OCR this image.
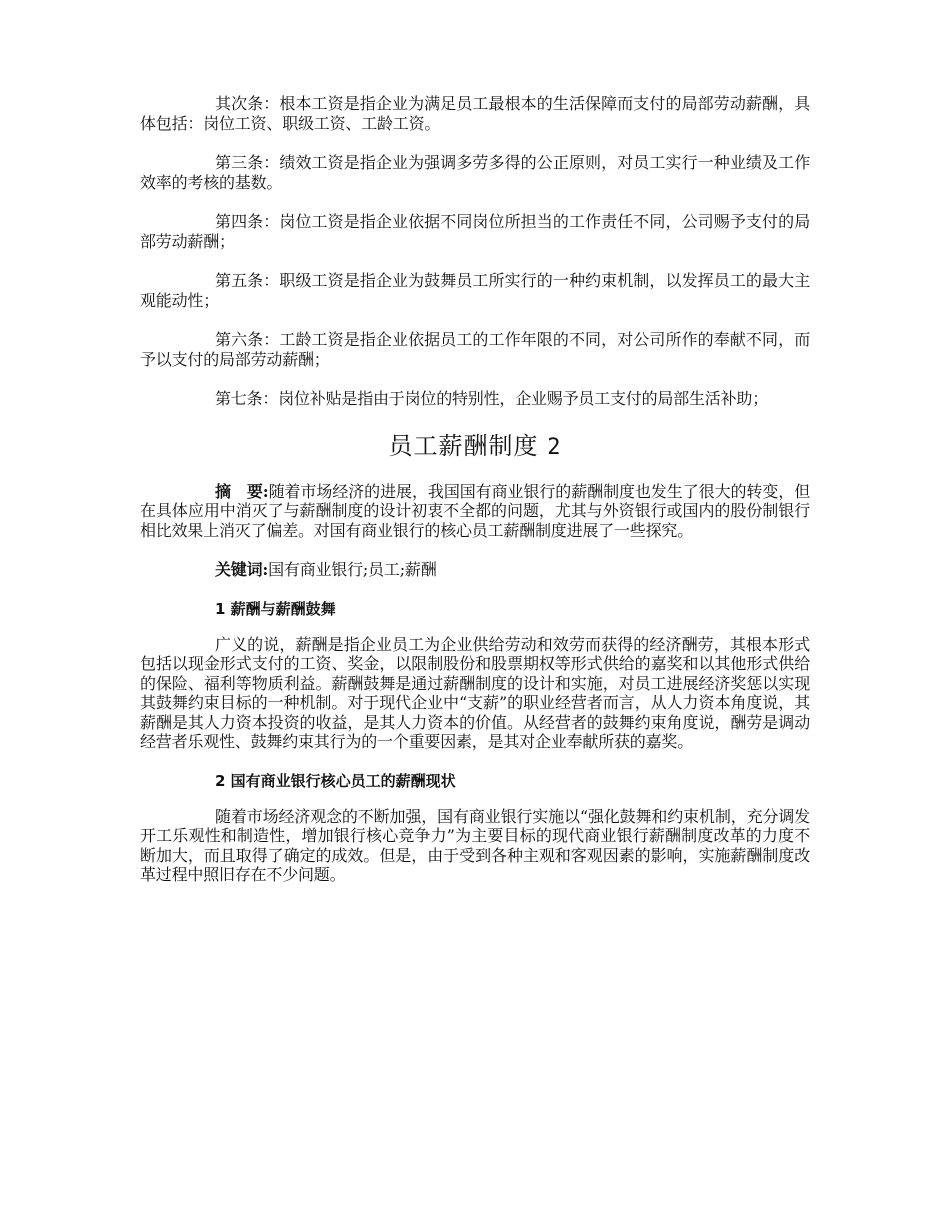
其次条：根本工资是指企业为满足员工最根本的生活保障而支付的局部劳动薪酬，具体包括：岗位工资、职级工资、工龄工资。

第三条：绩效工资是指企业为强调多劳多得的公正原则，对员工实行一种业绩及工作效率的考核的基数。

第四条：岗位工资是指企业依据不同岗位所担当的工作责任不同，公司赐予支付的局部劳动薪酬；

第五条：职级工资是指企业为鼓舞员工所实行的一种约束机制，以发挥员工的最大主观能动性；

第六条：工龄工资是指企业依据员工的工作年限的不同，对公司所作的奉献不同，而予以支付的局部劳动薪酬；

第七条：岗位补贴是指由于岗位的特别性，企业赐予员工支付的局部生活补助；

员工薪酬制度 2

摘　要:随着市场经济的进展，我国国有商业银行的薪酬制度也发生了很大的转变，但在具体应用中消灭了与薪酬制度的设计初衷不全都的问题，尤其与外资银行或国内的股份制银行相比效果上消灭了偏差。对国有商业银行的核心员工薪酬制度进展了一些探究。

关键词:国有商业银行;员工;薪酬

1 薪酬与薪酬鼓舞

广义的说，薪酬是指企业员工为企业供给劳动和效劳而获得的经济酬劳，其根本形式包括以现金形式支付的工资、奖金，以限制股份和股票期权等形式供给的嘉奖和以其他形式供给的保险、福利等物质利益。薪酬鼓舞是通过薪酬制度的设计和实施，对员工进展经济奖惩以实现其鼓舞约束目标的一种机制。对于现代企业中“支薪”的职业经营者而言，从人力资本角度说，其薪酬是其人力资本投资的收益，是其人力资本的价值。从经营者的鼓舞约束角度说，酬劳是调动经营者乐观性、鼓舞约束其行为的一个重要因素，是其对企业奉献所获的嘉奖。

2 国有商业银行核心员工的薪酬现状

随着市场经济观念的不断加强，国有商业银行实施以“强化鼓舞和约束机制，充分调发开工乐观性和制造性，增加银行核心竞争力”为主要目标的现代商业银行薪酬制度改革的力度不断加大，而且取得了确定的成效。但是，由于受到各种主观和客观因素的影响，实施薪酬制度改革过程中照旧存在不少问题。
